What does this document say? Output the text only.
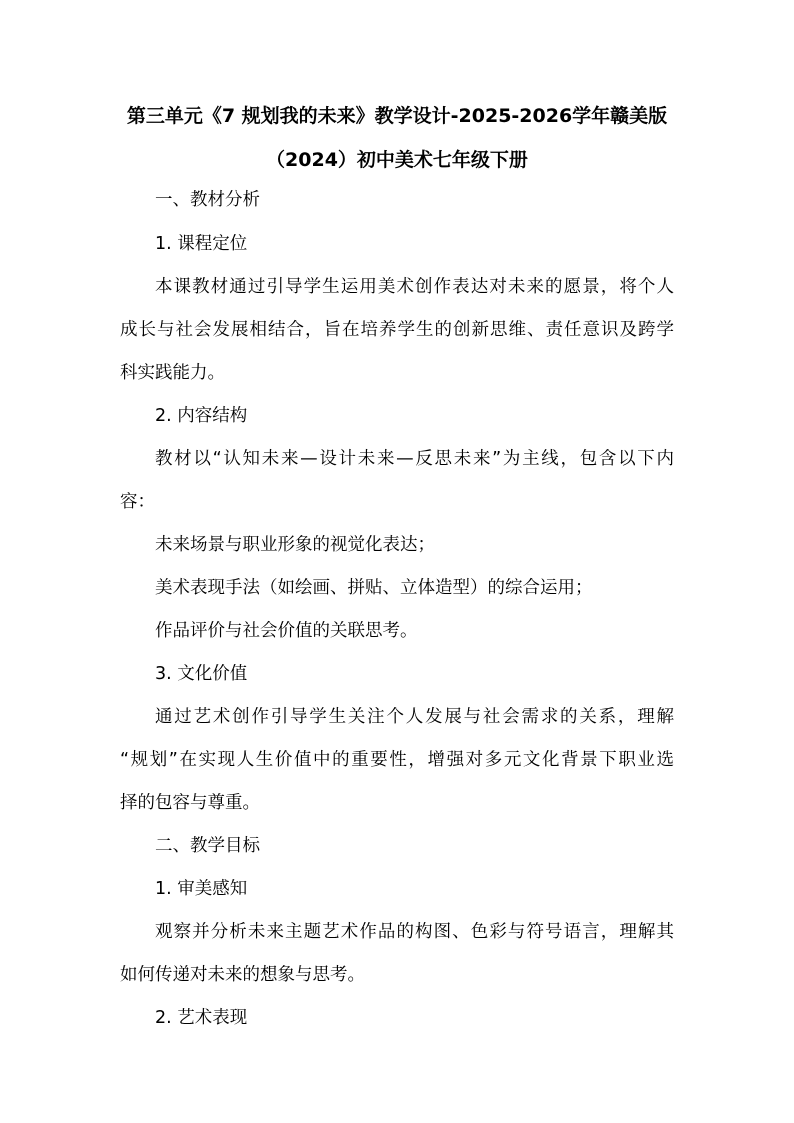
第三单元《7 规划我的未来》教学设计-2025-2026学年赣美版
（2024）初中美术七年级下册
一、教材分析
1. 课程定位
本课教材通过引导学生运用美术创作表达对未来的愿景，将个人
成长与社会发展相结合，旨在培养学生的创新思维、责任意识及跨学
科实践能力。
2. 内容结构
教材以“认知未来—设计未来—反思未来”为主线，包含以下内
容：
未来场景与职业形象的视觉化表达；
美术表现手法（如绘画、拼贴、立体造型）的综合运用；
作品评价与社会价值的关联思考。
3. 文化价值
通过艺术创作引导学生关注个人发展与社会需求的关系，理解
“规划”在实现人生价值中的重要性，增强对多元文化背景下职业选
择的包容与尊重。
二、教学目标
1. 审美感知
观察并分析未来主题艺术作品的构图、色彩与符号语言，理解其
如何传递对未来的想象与思考。
2. 艺术表现
